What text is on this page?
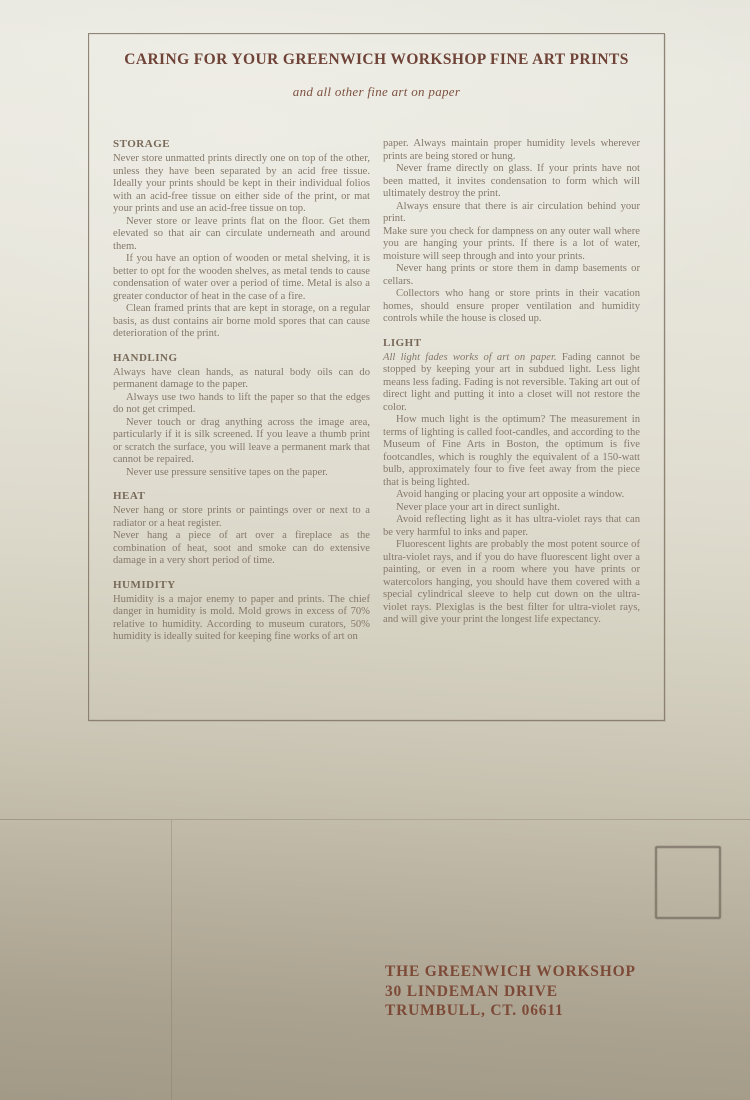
CARING FOR YOUR GREENWICH WORKSHOP FINE ART PRINTS
and all other fine art on paper
STORAGE

Never store unmatted prints directly one on top of the other, unless they have been separated by an acid free tissue. Ideally your prints should be kept in their individual folios with an acid-free tissue on either side of the print, or mat your prints and use an acid-free tissue on top.

Never store or leave prints flat on the floor. Get them elevated so that air can circulate underneath and around them.

If you have an option of wooden or metal shelving, it is better to opt for the wooden shelves, as metal tends to cause condensation of water over a period of time. Metal is also a greater conductor of heat in the case of a fire.

Clean framed prints that are kept in storage, on a regular basis, as dust contains air borne mold spores that can cause deterioration of the print.

HANDLING

Always have clean hands, as natural body oils can do permanent damage to the paper.

Always use two hands to lift the paper so that the edges do not get crimped.

Never touch or drag anything across the image area, particularly if it is silk screened. If you leave a thumb print or scratch the surface, you will leave a permanent mark that cannot be repaired.

Never use pressure sensitive tapes on the paper.

HEAT

Never hang or store prints or paintings over or next to a radiator or a heat register.

Never hang a piece of art over a fireplace as the combination of heat, soot and smoke can do extensive damage in a very short period of time.

HUMIDITY

Humidity is a major enemy to paper and prints. The chief danger in humidity is mold. Mold grows in excess of 70% relative to humidity. According to museum curators, 50% humidity is ideally suited for keeping fine works of art on

paper. Always maintain proper humidity levels wherever prints are being stored or hung.

Never frame directly on glass. If your prints have not been matted, it invites condensation to form which will ultimately destroy the print.

Always ensure that there is air circulation behind your print.

Make sure you check for dampness on any outer wall where you are hanging your prints. If there is a lot of water, moisture will seep through and into your prints.

Never hang prints or store them in damp basements or cellars.

Collectors who hang or store prints in their vacation homes, should ensure proper ventilation and humidity controls while the house is closed up.

LIGHT

All light fades works of art on paper. Fading cannot be stopped by keeping your art in subdued light. Less light means less fading. Fading is not reversible. Taking art out of direct light and putting it into a closet will not restore the color.

How much light is the optimum? The measurement in terms of lighting is called foot-candles, and according to the Museum of Fine Arts in Boston, the optimum is five footcandles, which is roughly the equivalent of a 150-watt bulb, approximately four to five feet away from the piece that is being lighted.

Avoid hanging or placing your art opposite a window.

Never place your art in direct sunlight.

Avoid reflecting light as it has ultra-violet rays that can be very harmful to inks and paper.

Fluorescent lights are probably the most potent source of ultra-violet rays, and if you do have fluorescent light over a painting, or even in a room where you have prints or watercolors hanging, you should have them covered with a special cylindrical sleeve to help cut down on the ultra-violet rays. Plexiglas is the best filter for ultra-violet rays, and will give your print the longest life expectancy.

THE GREENWICH WORKSHOP
30 LINDEMAN DRIVE
TRUMBULL, CT. 06611
